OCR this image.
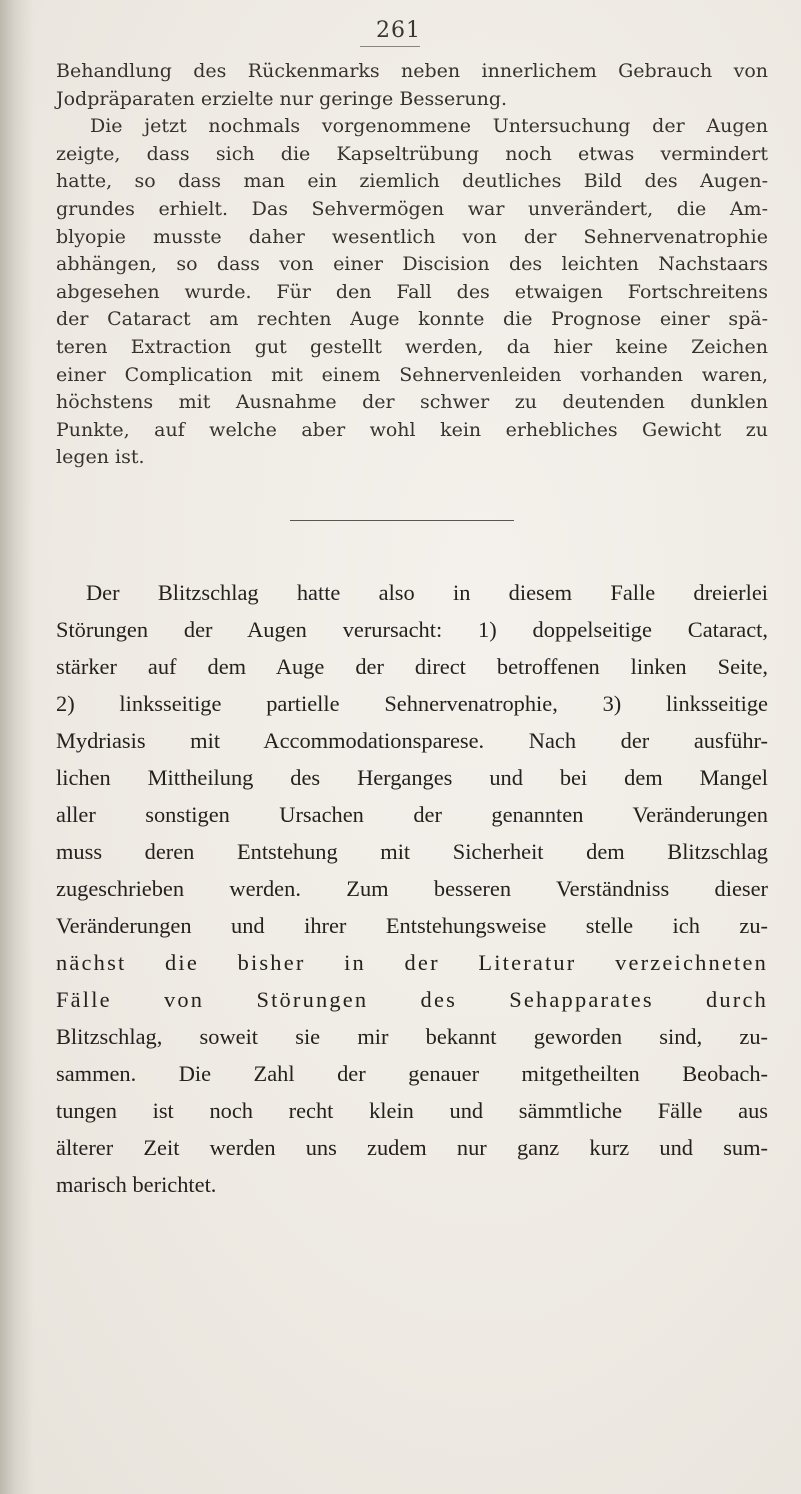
261
Behandlung des Rückenmarks neben innerlichem Gebrauch von
Jodpräparaten erzielte nur geringe Besserung.
Die jetzt nochmals vorgenommene Untersuchung der Augen
zeigte, dass sich die Kapseltrübung noch etwas vermindert
hatte, so dass man ein ziemlich deutliches Bild des Augen-
grundes erhielt. Das Sehvermögen war unverändert, die Am-
blyopie musste daher wesentlich von der Sehnervenatrophie
abhängen, so dass von einer Discision des leichten Nachstaars
abgesehen wurde. Für den Fall des etwaigen Fortschreitens
der Cataract am rechten Auge konnte die Prognose einer spä-
teren Extraction gut gestellt werden, da hier keine Zeichen
einer Complication mit einem Sehnervenleiden vorhanden waren,
höchstens mit Ausnahme der schwer zu deutenden dunklen
Punkte, auf welche aber wohl kein erhebliches Gewicht zu
legen ist.
Der Blitzschlag hatte also in diesem Falle dreierlei
Störungen der Augen verursacht: 1) doppelseitige Cataract,
stärker auf dem Auge der direct betroffenen linken Seite,
2) linksseitige partielle Sehnervenatrophie, 3) linksseitige
Mydriasis mit Accommodationsparese. Nach der ausführ-
lichen Mittheilung des Herganges und bei dem Mangel
aller sonstigen Ursachen der genannten Veränderungen
muss deren Entstehung mit Sicherheit dem Blitzschlag
zugeschrieben werden. Zum besseren Verständniss dieser
Veränderungen und ihrer Entstehungsweise stelle ich zu-
nächst die bisher in der Literatur verzeichneten
Fälle von Störungen des Sehapparates durch
Blitzschlag, soweit sie mir bekannt geworden sind, zu-
sammen. Die Zahl der genauer mitgetheilten Beobach-
tungen ist noch recht klein und sämmtliche Fälle aus
älterer Zeit werden uns zudem nur ganz kurz und sum-
marisch berichtet.
